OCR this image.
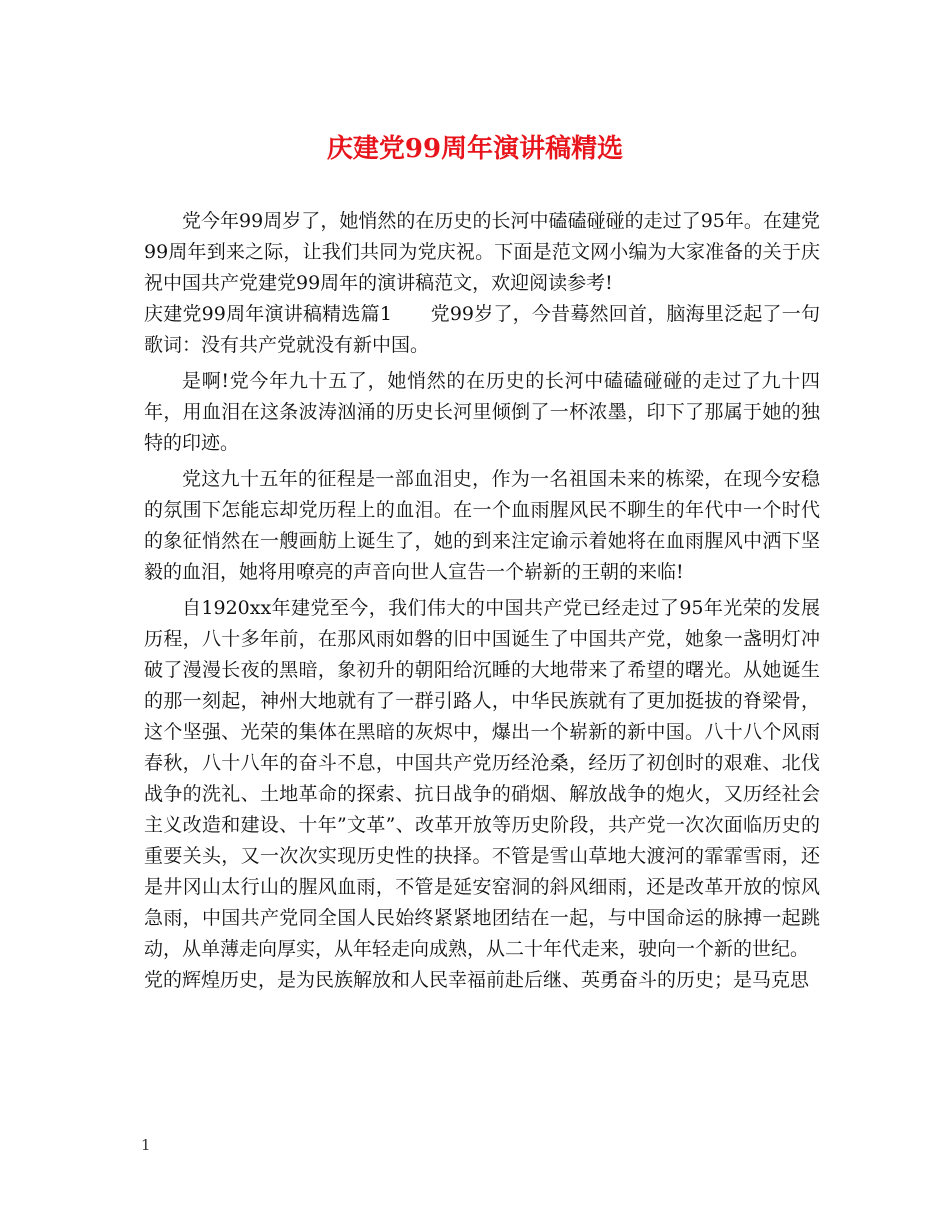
庆建党99周年演讲稿精选

党今年99周岁了，她悄然的在历史的长河中磕磕碰碰的走过了95年。在建党99周年到来之际，让我们共同为党庆祝。下面是范文网小编为大家准备的关于庆祝中国共产党建党99周年的演讲稿范文，欢迎阅读参考!

庆建党99周年演讲稿精选篇1　　党99岁了，今昔蓦然回首，脑海里泛起了一句歌词：没有共产党就没有新中国。

是啊!党今年九十五了，她悄然的在历史的长河中磕磕碰碰的走过了九十四年，用血泪在这条波涛汹涌的历史长河里倾倒了一杯浓墨，印下了那属于她的独特的印迹。

党这九十五年的征程是一部血泪史，作为一名祖国未来的栋梁，在现今安稳的氛围下怎能忘却党历程上的血泪。在一个血雨腥风民不聊生的年代中一个时代的象征悄然在一艘画舫上诞生了，她的到来注定谕示着她将在血雨腥风中洒下坚毅的血泪，她将用嘹亮的声音向世人宣告一个崭新的王朝的来临!

自1920xx年建党至今，我们伟大的中国共产党已经走过了95年光荣的发展历程，八十多年前，在那风雨如磐的旧中国诞生了中国共产党，她象一盏明灯冲破了漫漫长夜的黑暗，象初升的朝阳给沉睡的大地带来了希望的曙光。从她诞生的那一刻起，神州大地就有了一群引路人，中华民族就有了更加挺拔的脊梁骨，这个坚强、光荣的集体在黑暗的灰烬中，爆出一个崭新的新中国。八十八个风雨春秋，八十八年的奋斗不息，中国共产党历经沧桑，经历了初创时的艰难、北伐战争的洗礼、土地革命的探索、抗日战争的硝烟、解放战争的炮火，又历经社会主义改造和建设、十年”文革”、改革开放等历史阶段，共产党一次次面临历史的重要关头，又一次次实现历史性的抉择。不管是雪山草地大渡河的霏霏雪雨，还是井冈山太行山的腥风血雨，不管是延安窑洞的斜风细雨，还是改革开放的惊风急雨，中国共产党同全国人民始终紧紧地团结在一起，与中国命运的脉搏一起跳动，从单薄走向厚实，从年轻走向成熟，从二十年代走来，驶向一个新的世纪。

党的辉煌历史，是为民族解放和人民幸福前赴后继、英勇奋斗的历史；是马克思

1
